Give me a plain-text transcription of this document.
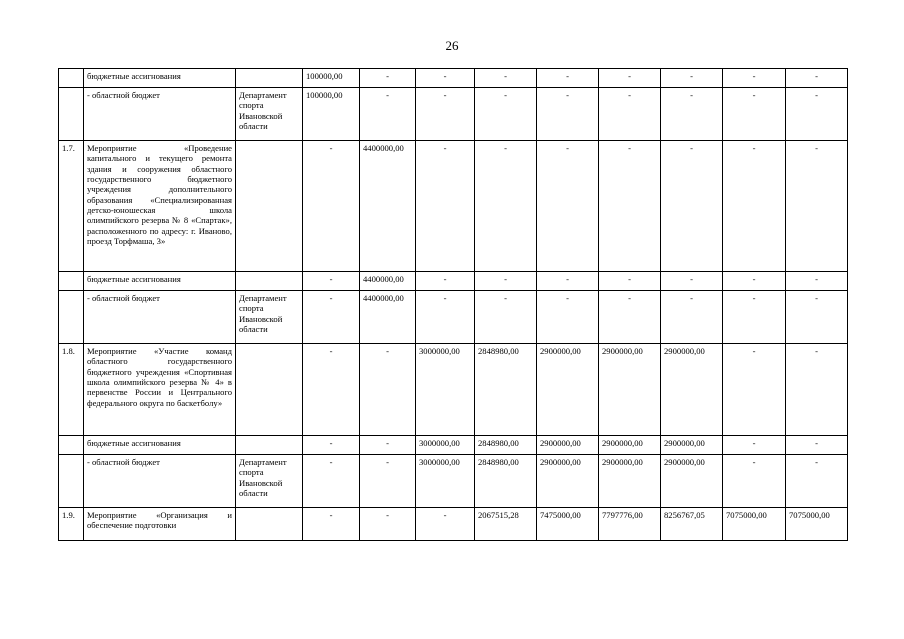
26
	бюджетные ассигнования		100000,00	-	-	-	-	-	-	-	-
	- областной бюджет	Департамент спорта Ивановской области	100000,00	-	-	-	-	-	-	-	-
1.7.	Мероприятие «Проведение капитального и текущего ремонта здания и сооружения областного государственного бюджетного учреждения дополнительного образования «Специализированная детско-юношеская школа олимпийского резерва № 8 «Спартак», расположенного по адресу: г. Иваново, проезд Торфмаша, 3»		-	4400000,00	-	-	-	-	-	-	-
	бюджетные ассигнования		-	4400000,00	-	-	-	-	-	-	-
	- областной бюджет	Департамент спорта Ивановской области	-	4400000,00	-	-	-	-	-	-	-
1.8.	Мероприятие «Участие команд областного государственного бюджетного учреждения «Спортивная школа олимпийского резерва № 4» в первенстве России и Центрального федерального округа по баскетболу»		-	-	3000000,00	2848980,00	2900000,00	2900000,00	2900000,00	-	-
	бюджетные ассигнования		-	-	3000000,00	2848980,00	2900000,00	2900000,00	2900000,00	-	-
	- областной бюджет	Департамент спорта Ивановской области	-	-	3000000,00	2848980,00	2900000,00	2900000,00	2900000,00	-	-
1.9.	Мероприятие «Организация и обеспечение подготовки		-	-	-	2067515,28	7475000,00	7797776,00	8256767,05	7075000,00	7075000,00
